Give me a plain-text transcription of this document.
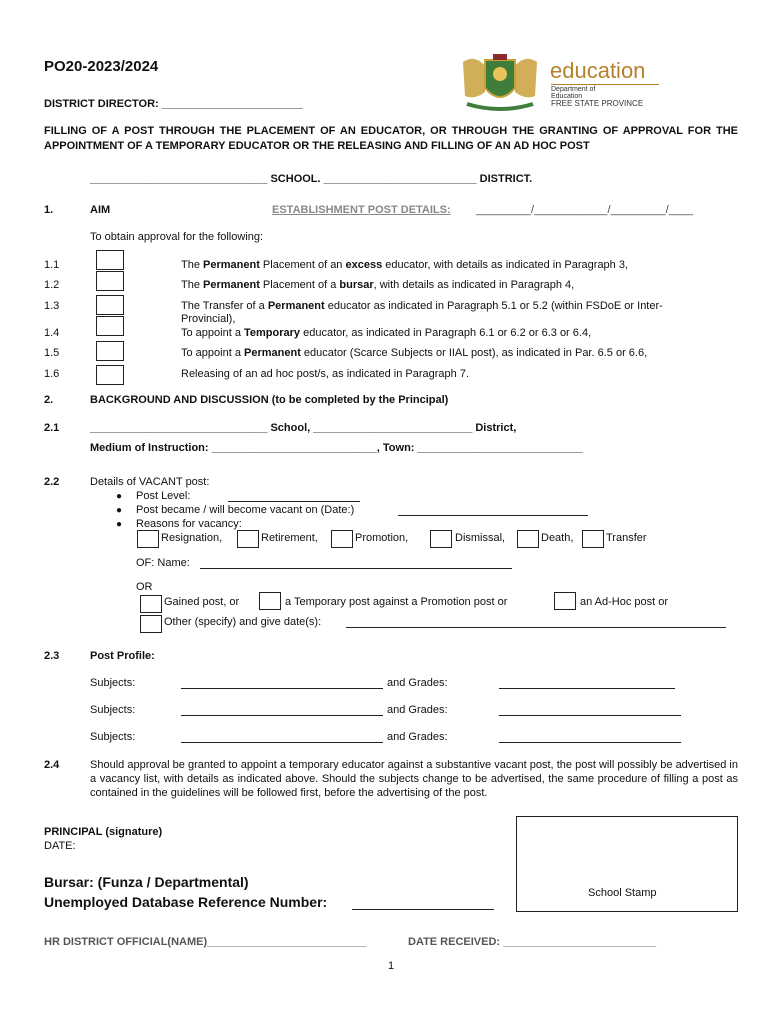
PO20-2023/2024	education
Department of
Education
FREE STATE PROVINCE
DISTRICT DIRECTOR: _______________________
FILLING OF A POST THROUGH THE PLACEMENT OF AN EDUCATOR, OR THROUGH THE GRANTING OF APPROVAL FOR THE APPOINTMENT OF A TEMPORARY EDUCATOR OR THE RELEASING AND FILLING OF AN AD HOC POST
_____________________________ SCHOOL. _________________________ DISTRICT.
1.	AIM	ESTABLISHMENT POST DETAILS: _________/____________/_________/____
To obtain approval for the following:
1.1	The Permanent Placement of an excess educator, with details as indicated in Paragraph 3,
1.2	The Permanent Placement of a bursar, with details as indicated in Paragraph 4,
1.3	The Transfer of a Permanent educator as indicated in Paragraph 5.1 or 5.2 (within FSDoE or Inter-
Provincial),
1.4	To appoint a Temporary educator, as indicated in Paragraph 6.1 or 6.2 or 6.3 or 6.4,
1.5	To appoint a Permanent educator (Scarce Subjects or IIAL post), as indicated in Par. 6.5 or 6.6,
1.6	Releasing of an ad hoc post/s, as indicated in Paragraph 7.
2.	BACKGROUND AND DISCUSSION (to be completed by the Principal)
2.1	_____________________________ School, __________________________ District,
Medium of Instruction: ___________________________, Town: ___________________________
2.2	Details of VACANT post:
● Post Level:
● Post became / will become vacant on (Date:)
● Reasons for vacancy:
Resignation,	Retirement,	Promotion,	Dismissal,	Death,	Transfer
OF: Name:
OR
Gained post, or	a Temporary post against a Promotion post or	an Ad-Hoc post or
Other (specify) and give date(s):
2.3	Post Profile:
Subjects:	and Grades:
Subjects:	and Grades:
Subjects:	and Grades:
2.4	Should approval be granted to appoint a temporary educator against a substantive vacant post, the post will possibly be advertised in a vacancy list, with details as indicated above. Should the subjects change to be advertised, the same procedure of filling a post as contained in the guidelines will be followed first, before the advertising of the post.
PRINCIPAL (signature)
DATE:
School Stamp
Bursar: (Funza / Departmental)
Unemployed Database Reference Number:
HR DISTRICT OFFICIAL(NAME)__________________________	DATE RECEIVED: _________________________
1
